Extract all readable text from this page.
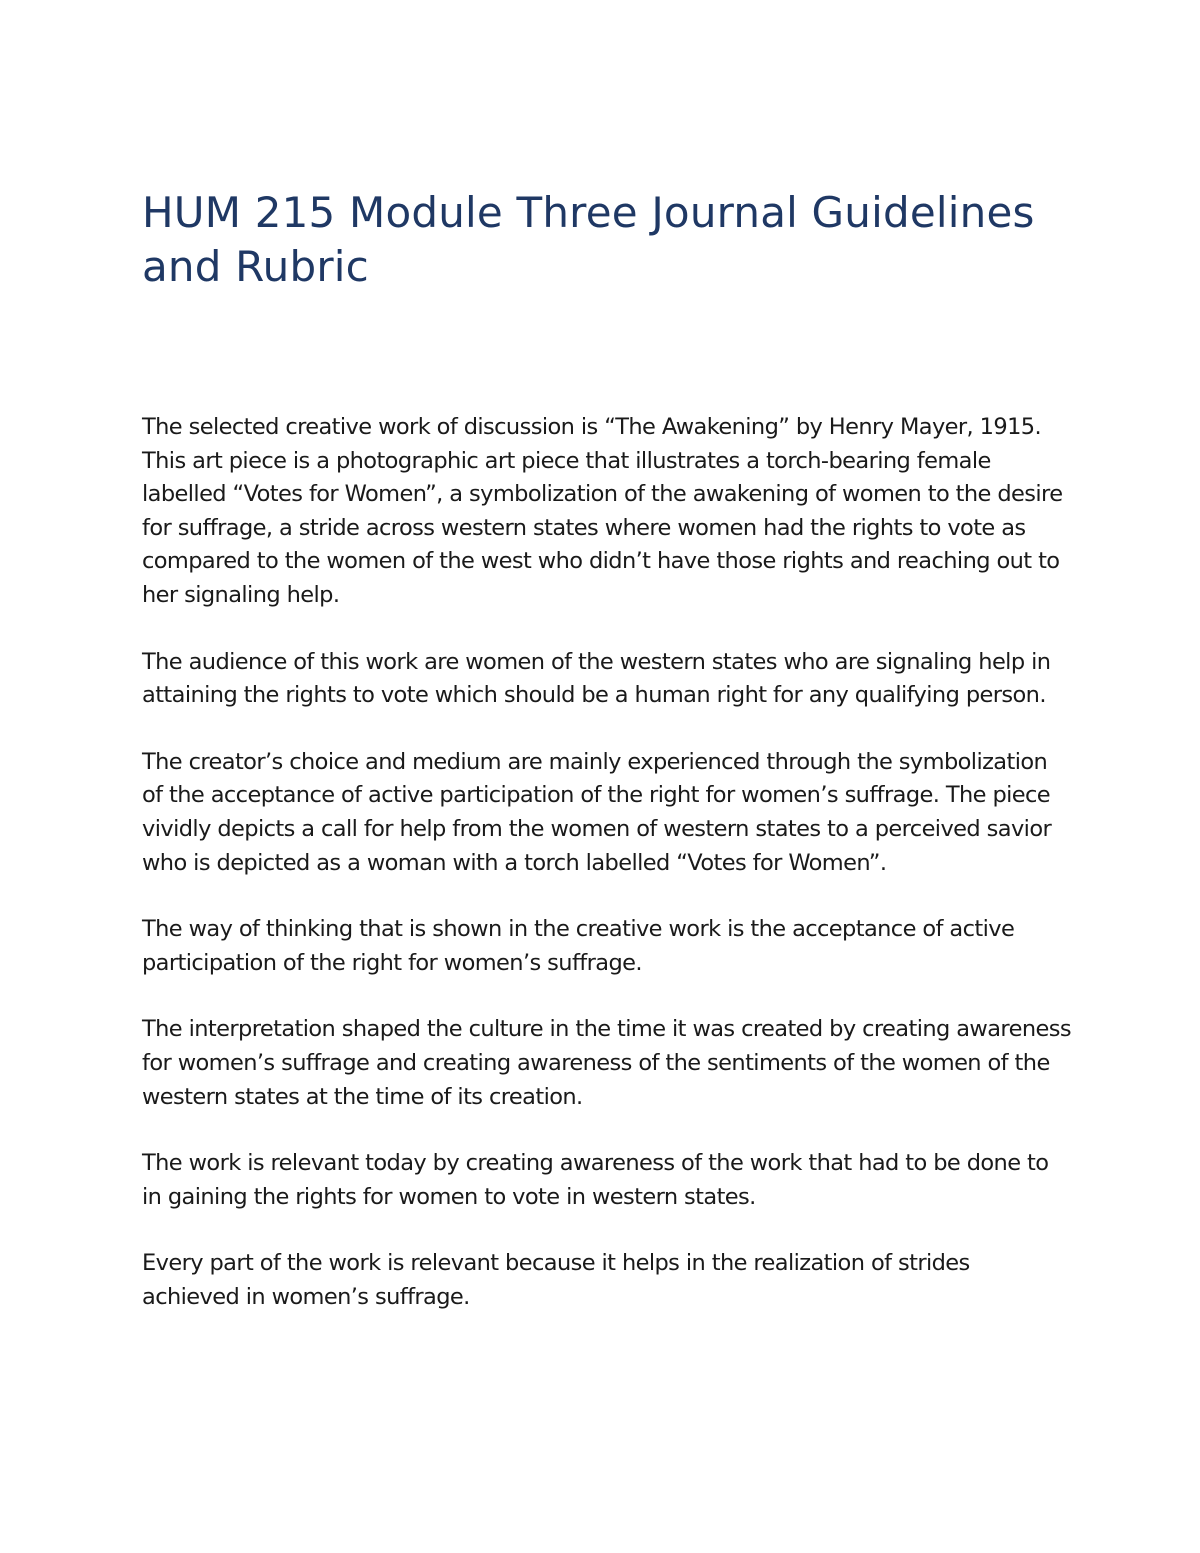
HUM 215 Module Three Journal Guidelines and Rubric

The selected creative work of discussion is “The Awakening” by Henry Mayer, 1915. This art piece is a photographic art piece that illustrates a torch-bearing female labelled “Votes for Women”, a symbolization of the awakening of women to the desire for suffrage, a stride across western states where women had the rights to vote as compared to the women of the west who didn’t have those rights and reaching out to her signaling help.

The audience of this work are women of the western states who are signaling help in attaining the rights to vote which should be a human right for any qualifying person.

The creator’s choice and medium are mainly experienced through the symbolization of the acceptance of active participation of the right for women’s suffrage. The piece vividly depicts a call for help from the women of western states to a perceived savior who is depicted as a woman with a torch labelled “Votes for Women”.

The way of thinking that is shown in the creative work is the acceptance of active participation of the right for women’s suffrage.

The interpretation shaped the culture in the time it was created by creating awareness for women’s suffrage and creating awareness of the sentiments of the women of the western states at the time of its creation.

The work is relevant today by creating awareness of the work that had to be done to in gaining the rights for women to vote in western states.

Every part of the work is relevant because it helps in the realization of strides achieved in women’s suffrage.
